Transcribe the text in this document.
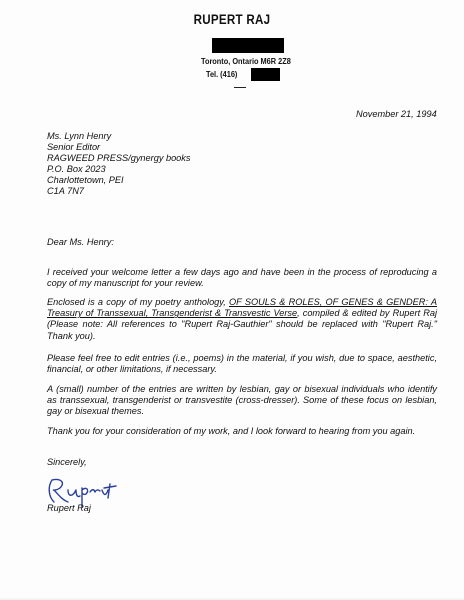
RUPERT RAJ
Toronto, Ontario M6R 2Z8
Tel. (416)
November 21, 1994
Ms. Lynn Henry
Senior Editor
RAGWEED PRESS/gynergy books
P.O. Box 2023
Charlottetown, PEI
C1A 7N7
Dear Ms. Henry:
I received your welcome letter a few days ago and have been in the process of reproducing a copy of my manuscript for your review.
Enclosed is a copy of my poetry anthology, OF SOULS & ROLES, OF GENES & GENDER: A Treasury of Transsexual, Transgenderist & Transvestic Verse, compiled & edited by Rupert Raj (Please note: All references to "Rupert Raj-Gauthier" should be replaced with "Rupert Raj." Thank you).
Please feel free to edit entries (i.e., poems) in the material, if you wish, due to space, aesthetic, financial, or other limitations, if necessary.
A (small) number of the entries are written by lesbian, gay or bisexual individuals who identify as transsexual, transgenderist or transvestite (cross-dresser). Some of these focus on lesbian, gay or bisexual themes.
Thank you for your consideration of my work, and I look forward to hearing from you again.
Sincerely,
Rupert Raj
